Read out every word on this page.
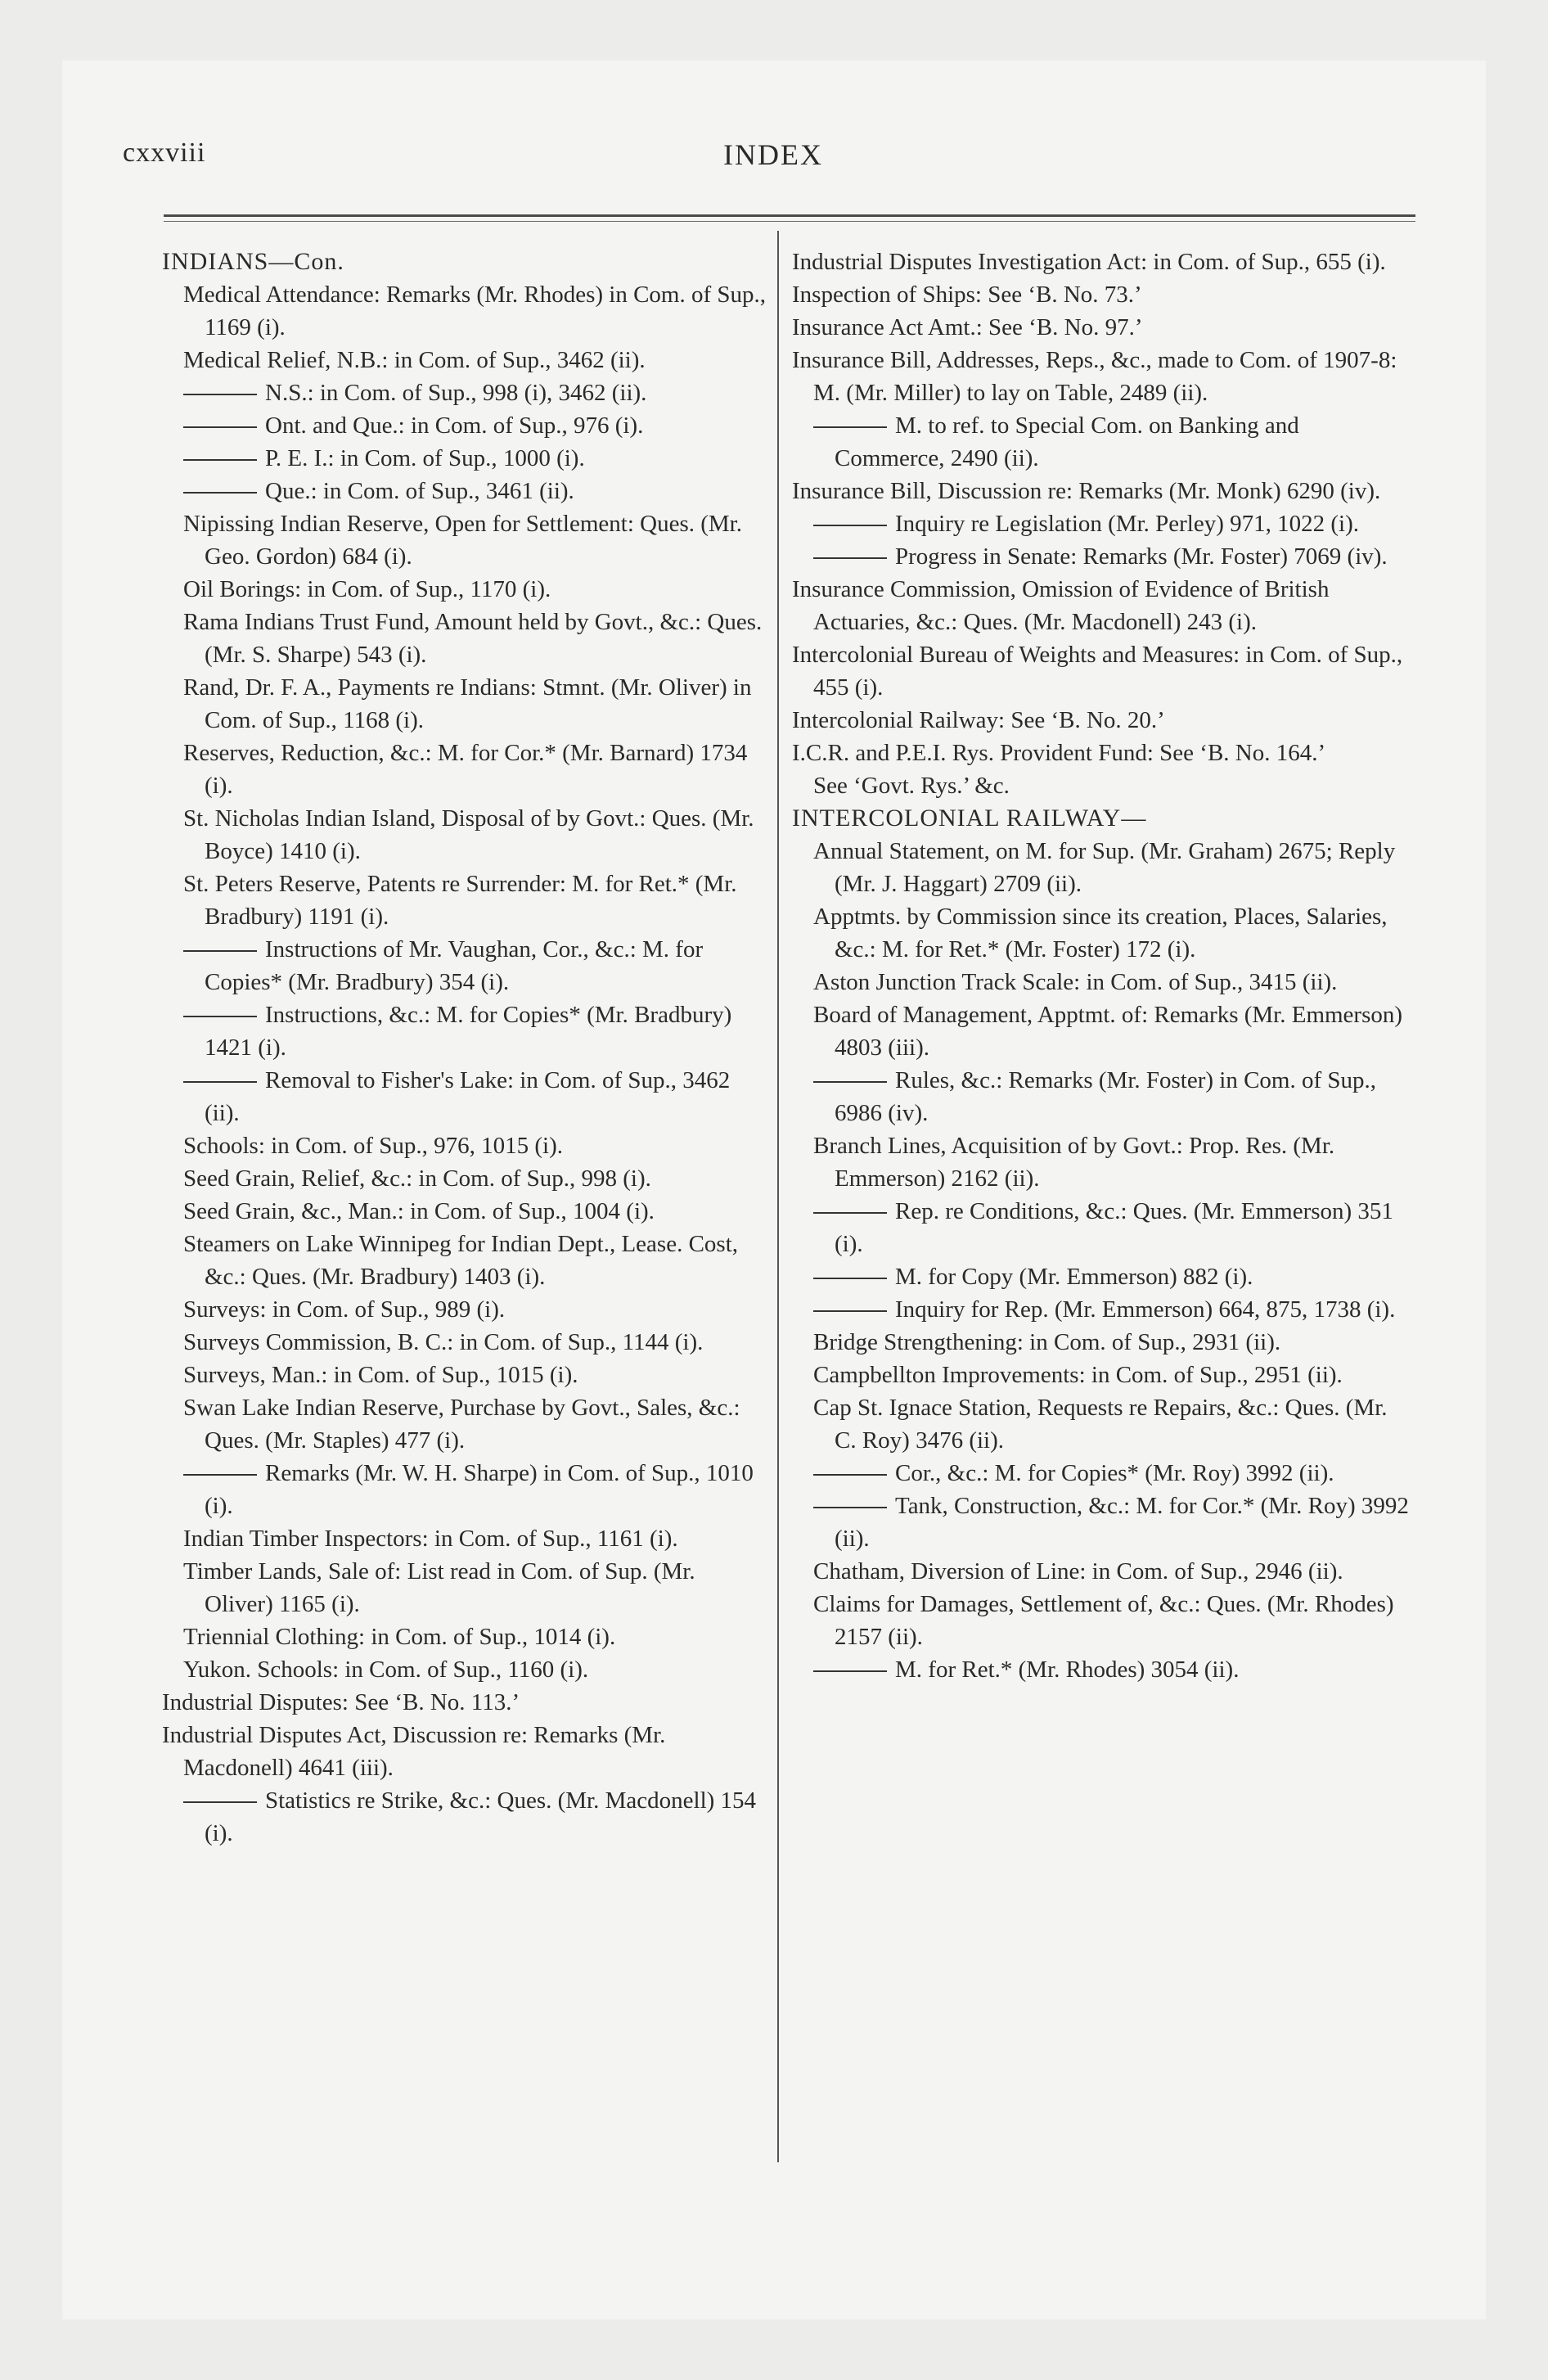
INDEX
cxxviii

INDIANS—Con.

Medical Attendance: Remarks (Mr. Rhodes) in Com. of Sup., 1169 (i).

Medical Relief, N.B.: in Com. of Sup., 3462 (ii).

N.S.: in Com. of Sup., 998 (i), 3462 (ii).

Ont. and Que.: in Com. of Sup., 976 (i).

P. E. I.: in Com. of Sup., 1000 (i).

Que.: in Com. of Sup., 3461 (ii).

Nipissing Indian Reserve, Open for Settlement: Ques. (Mr. Geo. Gordon) 684 (i).

Oil Borings: in Com. of Sup., 1170 (i).

Rama Indians Trust Fund, Amount held by Govt., &c.: Ques. (Mr. S. Sharpe) 543 (i).

Rand, Dr. F. A., Payments re Indians: Stmnt. (Mr. Oliver) in Com. of Sup., 1168 (i).

Reserves, Reduction, &c.: M. for Cor.* (Mr. Barnard) 1734 (i).

St. Nicholas Indian Island, Disposal of by Govt.: Ques. (Mr. Boyce) 1410 (i).

St. Peters Reserve, Patents re Surrender: M. for Ret.* (Mr. Bradbury) 1191 (i).

Instructions of Mr. Vaughan, Cor., &c.: M. for Copies* (Mr. Bradbury) 354 (i).

Instructions, &c.: M. for Copies* (Mr. Bradbury) 1421 (i).

Removal to Fisher's Lake: in Com. of Sup., 3462 (ii).

Schools: in Com. of Sup., 976, 1015 (i).

Seed Grain, Relief, &c.: in Com. of Sup., 998 (i).

Seed Grain, &c., Man.: in Com. of Sup., 1004 (i).

Steamers on Lake Winnipeg for Indian Dept., Lease. Cost, &c.: Ques. (Mr. Bradbury) 1403 (i).

Surveys: in Com. of Sup., 989 (i).

Surveys Commission, B. C.: in Com. of Sup., 1144 (i).

Surveys, Man.: in Com. of Sup., 1015 (i).

Swan Lake Indian Reserve, Purchase by Govt., Sales, &c.: Ques. (Mr. Staples) 477 (i).

Remarks (Mr. W. H. Sharpe) in Com. of Sup., 1010 (i).

Indian Timber Inspectors: in Com. of Sup., 1161 (i).

Timber Lands, Sale of: List read in Com. of Sup. (Mr. Oliver) 1165 (i).

Triennial Clothing: in Com. of Sup., 1014 (i).

Yukon. Schools: in Com. of Sup., 1160 (i).

Industrial Disputes: See ‘B. No. 113.’

Industrial Disputes Act, Discussion re: Remarks (Mr. Macdonell) 4641 (iii).

Statistics re Strike, &c.: Ques. (Mr. Macdonell) 154 (i).

Industrial Disputes Investigation Act: in Com. of Sup., 655 (i).

Inspection of Ships: See ‘B. No. 73.’

Insurance Act Amt.: See ‘B. No. 97.’

Insurance Bill, Addresses, Reps., &c., made to Com. of 1907-8: M. (Mr. Miller) to lay on Table, 2489 (ii).

M. to ref. to Special Com. on Banking and Commerce, 2490 (ii).

Insurance Bill, Discussion re: Remarks (Mr. Monk) 6290 (iv).

Inquiry re Legislation (Mr. Perley) 971, 1022 (i).

Progress in Senate: Remarks (Mr. Foster) 7069 (iv).

Insurance Commission, Omission of Evidence of British Actuaries, &c.: Ques. (Mr. Macdonell) 243 (i).

Intercolonial Bureau of Weights and Measures: in Com. of Sup., 455 (i).

Intercolonial Railway: See ‘B. No. 20.’

I.C.R. and P.E.I. Rys. Provident Fund: See ‘B. No. 164.’

See ‘Govt. Rys.’ &c.

INTERCOLONIAL RAILWAY—

Annual Statement, on M. for Sup. (Mr. Graham) 2675; Reply (Mr. J. Haggart) 2709 (ii).

Apptmts. by Commission since its creation, Places, Salaries, &c.: M. for Ret.* (Mr. Foster) 172 (i).

Aston Junction Track Scale: in Com. of Sup., 3415 (ii).

Board of Management, Apptmt. of: Remarks (Mr. Emmerson) 4803 (iii).

Rules, &c.: Remarks (Mr. Foster) in Com. of Sup., 6986 (iv).

Branch Lines, Acquisition of by Govt.: Prop. Res. (Mr. Emmerson) 2162 (ii).

Rep. re Conditions, &c.: Ques. (Mr. Emmerson) 351 (i).

M. for Copy (Mr. Emmerson) 882 (i).

Inquiry for Rep. (Mr. Emmerson) 664, 875, 1738 (i).

Bridge Strengthening: in Com. of Sup., 2931 (ii).

Campbellton Improvements: in Com. of Sup., 2951 (ii).

Cap St. Ignace Station, Requests re Repairs, &c.: Ques. (Mr. C. Roy) 3476 (ii).

Cor., &c.: M. for Copies* (Mr. Roy) 3992 (ii).

Tank, Construction, &c.: M. for Cor.* (Mr. Roy) 3992 (ii).

Chatham, Diversion of Line: in Com. of Sup., 2946 (ii).

Claims for Damages, Settlement of, &c.: Ques. (Mr. Rhodes) 2157 (ii).

M. for Ret.* (Mr. Rhodes) 3054 (ii).
